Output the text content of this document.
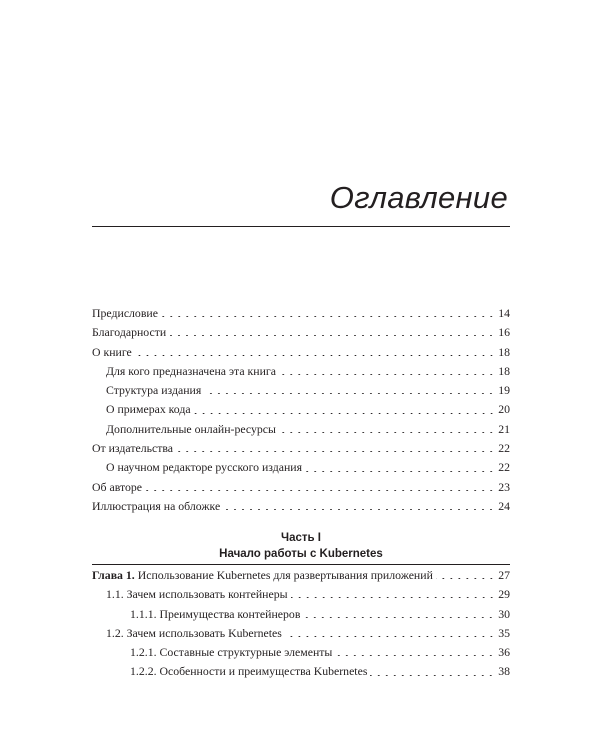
Оглавление
Предисловие	14
Благодарности	16
О книге	18
Для кого предназначена эта книга	18
Структура издания	19
О примерах кода	20
Дополнительные онлайн-ресурсы	21
От издательства	22
О научном редакторе русского издания	22
Об авторе	23
Иллюстрация на обложке	24
Часть I
Начало работы с Kubernetes
Глава 1. Использование Kubernetes для развертывания приложений	27
1.1. Зачем использовать контейнеры	29
1.1.1. Преимущества контейнеров	30
1.2. Зачем использовать Kubernetes	35
1.2.1. Составные структурные элементы	36
1.2.2. Особенности и преимущества Kubernetes	38
